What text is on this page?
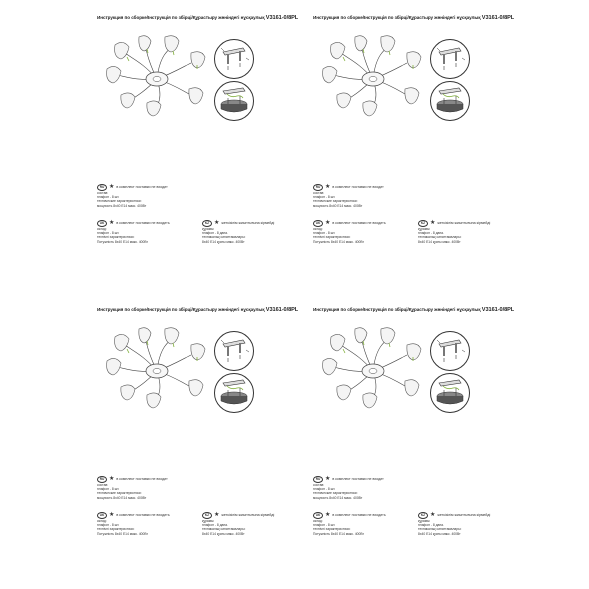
Инструкция по сборке/Інструкція по збірці/Құрастыру жөніндегі нұсқаулық V3161-0/8PL
RU ★ в комплект поставки не входит
состав:
плафон - 8 шт.
технические характеристики:
мощность 8х40 E14 макс. 400Вт
UK ★ в комплект поставки не входить
склад:
плафон - 8 шт.
технічні характеристики:
Потужність 8х40 E14 макс. 400Вт
KZ ★ жеткізілім жиынтығына кірмейді
құрамы:
плафон - 8 дана.
техникалық сипаттамалары:
8х40 E14 қуаты макс. 400Вт
Инструкция по сборке/Інструкція по збірці/Құрастыру жөніндегі нұсқаулық V3161-0/8PL
RU ★ в комплект поставки не входит
состав:
плафон - 8 шт.
технические характеристики:
мощность 8х40 E14 макс. 400Вт
UK ★ в комплект поставки не входить
склад:
плафон - 8 шт.
технічні характеристики:
Потужність 8х40 E14 макс. 400Вт
KZ ★ жеткізілім жиынтығына кірмейді
құрамы:
плафон - 8 дана.
техникалық сипаттамалары:
8х40 E14 қуаты макс. 400Вт
Инструкция по сборке/Інструкція по збірці/Құрастыру жөніндегі нұсқаулық V3161-0/8PL
RU ★ в комплект поставки не входит
состав:
плафон - 8 шт.
технические характеристики:
мощность 8х40 E14 макс. 400Вт
UK ★ в комплект поставки не входить
склад:
плафон - 8 шт.
технічні характеристики:
Потужність 8х40 E14 макс. 400Вт
KZ ★ жеткізілім жиынтығына кірмейді
құрамы:
плафон - 8 дана.
техникалық сипаттамалары:
8х40 E14 қуаты макс. 400Вт
Инструкция по сборке/Інструкція по збірці/Құрастыру жөніндегі нұсқаулық V3161-0/8PL
RU ★ в комплект поставки не входит
состав:
плафон - 8 шт.
технические характеристики:
мощность 8х40 E14 макс. 400Вт
UK ★ в комплект поставки не входить
склад:
плафон - 8 шт.
технічні характеристики:
Потужність 8х40 E14 макс. 400Вт
KZ ★ жеткізілім жиынтығына кірмейді
құрамы:
плафон - 8 дана.
техникалық сипаттамалары:
8х40 E14 қуаты макс. 400Вт
